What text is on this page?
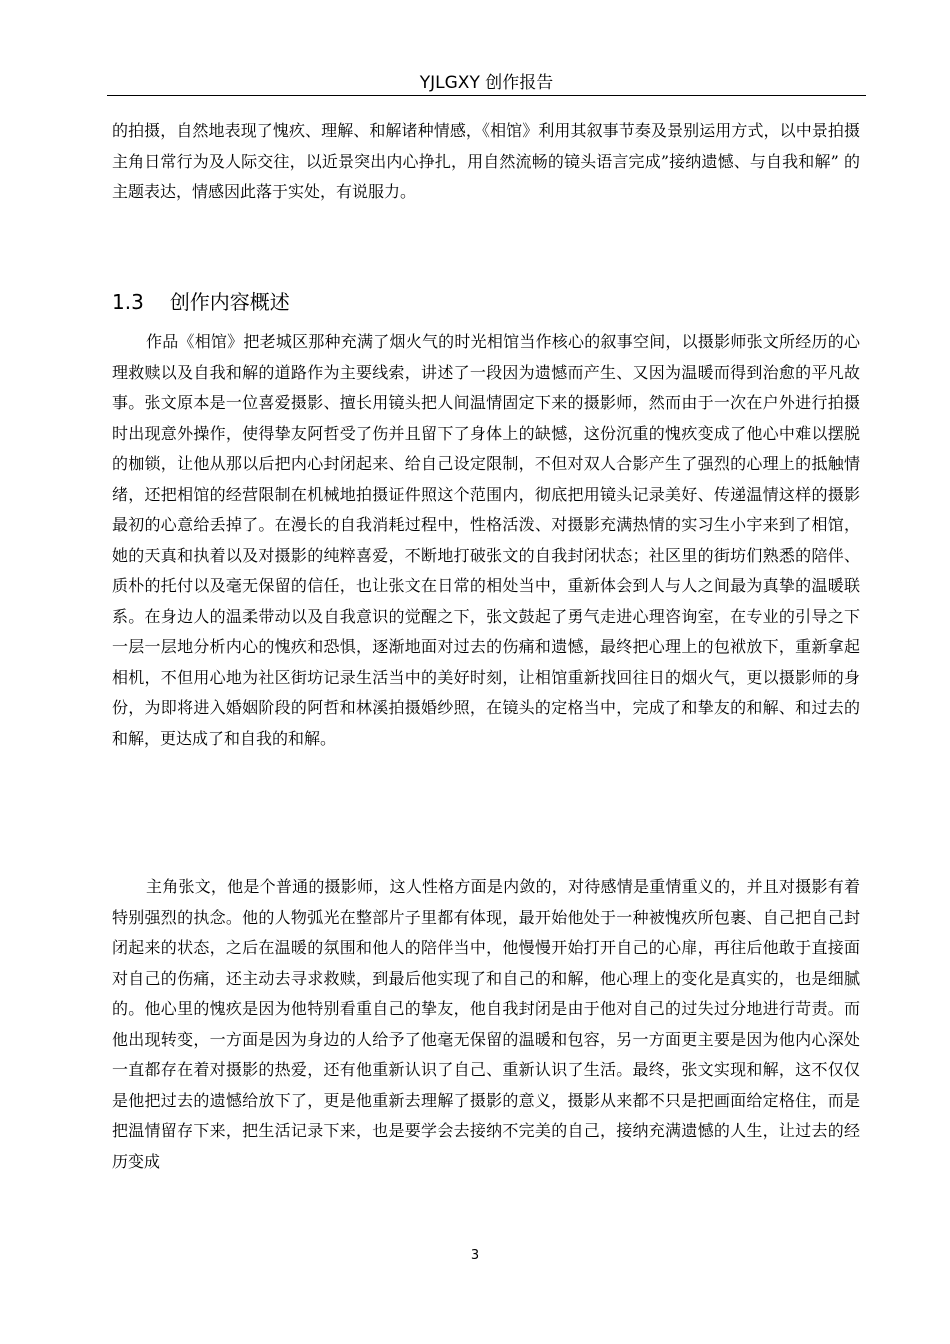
YJLGXY 创作报告

的拍摄，自然地表现了愧疚、理解、和解诸种情感，《相馆》利用其叙事节奏及景别运用方式，以中景拍摄主角日常行为及人际交往，以近景突出内心挣扎，用自然流畅的镜头语言完成”接纳遗憾、与自我和解” 的主题表达，情感因此落于实处，有说服力。

1.3 创作内容概述

作品《相馆》把老城区那种充满了烟火气的时光相馆当作核心的叙事空间，以摄影师张文所经历的心理救赎以及自我和解的道路作为主要线索，讲述了一段因为遗憾而产生、又因为温暖而得到治愈的平凡故事。张文原本是一位喜爱摄影、擅长用镜头把人间温情固定下来的摄影师，然而由于一次在户外进行拍摄时出现意外操作，使得挚友阿哲受了伤并且留下了身体上的缺憾，这份沉重的愧疚变成了他心中难以摆脱的枷锁，让他从那以后把内心封闭起来、给自己设定限制，不但对双人合影产生了强烈的心理上的抵触情绪，还把相馆的经营限制在机械地拍摄证件照这个范围内，彻底把用镜头记录美好、传递温情这样的摄影最初的心意给丢掉了。在漫长的自我消耗过程中，性格活泼、对摄影充满热情的实习生小宇来到了相馆，她的天真和执着以及对摄影的纯粹喜爱，不断地打破张文的自我封闭状态；社区里的街坊们熟悉的陪伴、质朴的托付以及毫无保留的信任，也让张文在日常的相处当中，重新体会到人与人之间最为真挚的温暖联系。在身边人的温柔带动以及自我意识的觉醒之下，张文鼓起了勇气走进心理咨询室，在专业的引导之下一层一层地分析内心的愧疚和恐惧，逐渐地面对过去的伤痛和遗憾，最终把心理上的包袱放下，重新拿起相机，不但用心地为社区街坊记录生活当中的美好时刻，让相馆重新找回往日的烟火气，更以摄影师的身份，为即将进入婚姻阶段的阿哲和林溪拍摄婚纱照，在镜头的定格当中，完成了和挚友的和解、和过去的和解，更达成了和自我的和解。

主角张文，他是个普通的摄影师，这人性格方面是内敛的，对待感情是重情重义的，并且对摄影有着特别强烈的执念。他的人物弧光在整部片子里都有体现，最开始他处于一种被愧疚所包裹、自己把自己封闭起来的状态，之后在温暖的氛围和他人的陪伴当中，他慢慢开始打开自己的心扉，再往后他敢于直接面对自己的伤痛，还主动去寻求救赎，到最后他实现了和自己的和解，他心理上的变化是真实的，也是细腻的。他心里的愧疚是因为他特别看重自己的挚友，他自我封闭是由于他对自己的过失过分地进行苛责。而他出现转变，一方面是因为身边的人给予了他毫无保留的温暖和包容，另一方面更主要是因为他内心深处一直都存在着对摄影的热爱，还有他重新认识了自己、重新认识了生活。最终，张文实现和解，这不仅仅是他把过去的遗憾给放下了，更是他重新去理解了摄影的意义，摄影从来都不只是把画面给定格住，而是把温情留存下来，把生活记录下来，也是要学会去接纳不完美的自己，接纳充满遗憾的人生，让过去的经历变成

3
